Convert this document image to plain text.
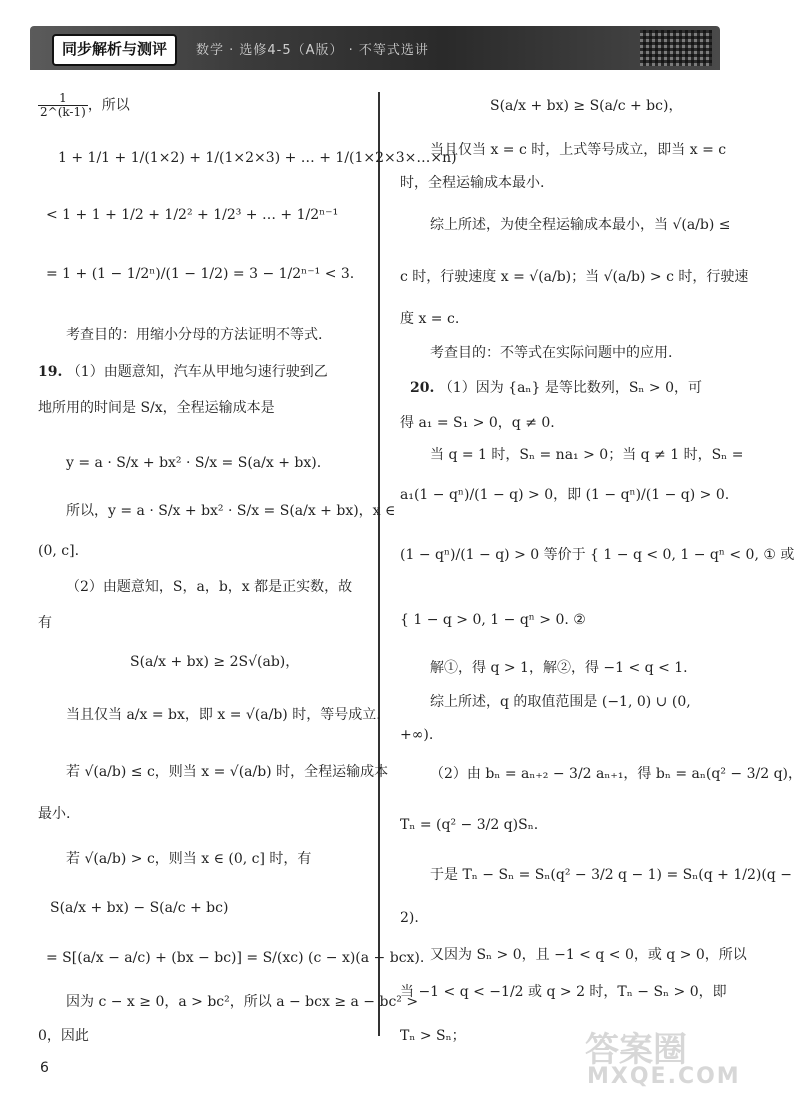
同步解析与测评	数学 · 选修4-5（A版） · 不等式选讲
$\frac{1}{2\^{}(k-1)}$ ，所以
1 + 1/1 + 1/(1×2) + 1/(1×2×3) + … + 1/(1×2×3×…×n)
< 1 + 1 + 1/2 + 1/2² + 1/2³ + … + 1/2ⁿ⁻¹
= 1 + (1 − 1/2ⁿ)/(1 − 1/2) = 3 − 1/2ⁿ⁻¹ < 3.
考查目的：用缩小分母的方法证明不等式.
19. （1）由题意知，汽车从甲地匀速行驶到乙
地所用的时间是 S/x，全程运输成本是
y = a · S/x + bx² · S/x = S(a/x + bx).
所以，y = a · S/x + bx² · S/x = S(a/x + bx)，x ∈
(0, c].
（2）由题意知，S，a，b，x 都是正实数，故
有
S(a/x + bx) ≥ 2S√(ab)，
当且仅当 a/x = bx，即 x = √(a/b) 时，等号成立.
若 √(a/b) ≤ c，则当 x = √(a/b) 时，全程运输成本
最小.
若 √(a/b) > c，则当 x ∈ (0, c] 时，有
S(a/x + bx) − S(a/c + bc)
= S[(a/x − a/c) + (bx − bc)] = S/(xc) (c − x)(a − bcx).
因为 c − x ≥ 0，a > bc²，所以 a − bcx ≥ a − bc² >
0，因此
S(a/x + bx) ≥ S(a/c + bc)，
当且仅当 x = c 时，上式等号成立，即当 x = c
时，全程运输成本最小.
综上所述，为使全程运输成本最小，当 √(a/b) ≤
c 时，行驶速度 x = √(a/b)；当 √(a/b) > c 时，行驶速
度 x = c.
考查目的：不等式在实际问题中的应用.
20. （1）因为 {aₙ} 是等比数列，Sₙ > 0，可
得 a₁ = S₁ > 0，q ≠ 0.
当 q = 1 时，Sₙ = na₁ > 0；当 q ≠ 1 时，Sₙ =
a₁(1 − qⁿ)/(1 − q) > 0，即 (1 − qⁿ)/(1 − q) > 0.
(1 − qⁿ)/(1 − q) > 0 等价于 { 1 − q < 0, 1 − qⁿ < 0, ① 或
{ 1 − q > 0, 1 − qⁿ > 0. ②
解①，得 q > 1，解②，得 −1 < q < 1.
综上所述，q 的取值范围是 (−1, 0) ∪ (0,
+∞).
（2）由 bₙ = aₙ₊₂ − 3/2 aₙ₊₁，得 bₙ = aₙ(q² − 3/2 q)，
Tₙ = (q² − 3/2 q)Sₙ.
于是 Tₙ − Sₙ = Sₙ(q² − 3/2 q − 1) = Sₙ(q + 1/2)(q −
2).
又因为 Sₙ > 0，且 −1 < q < 0，或 q > 0，所以
当 −1 < q < −1/2 或 q > 2 时，Tₙ − Sₙ > 0，即
Tₙ > Sₙ；
6	答案圈
MXQE.COM
